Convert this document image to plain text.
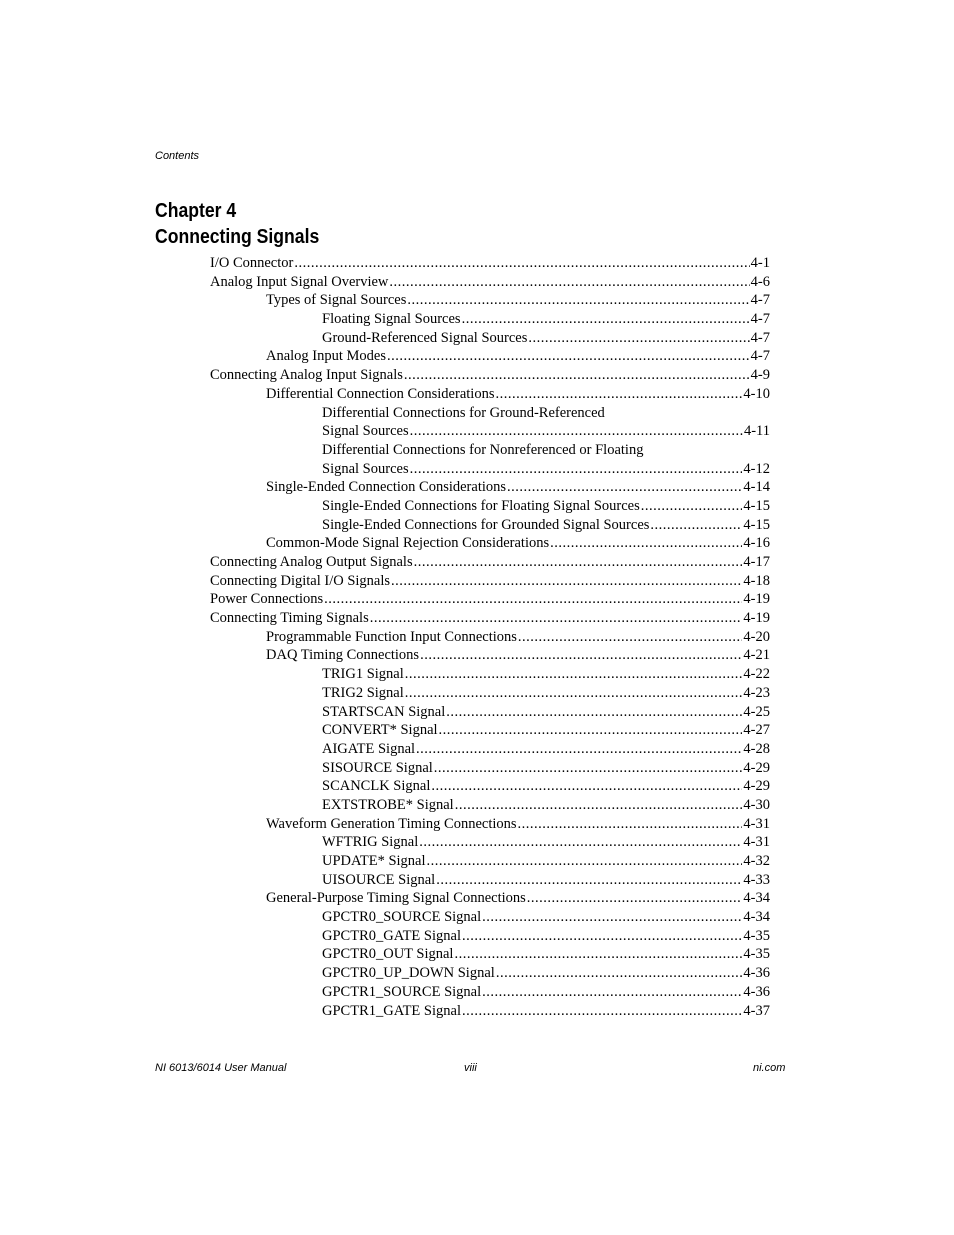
Contents
Chapter 4
Connecting Signals
I/O Connector .....	4-1
Analog Input Signal Overview .....	4-6
Types of Signal Sources .....	4-7
Floating Signal Sources .....	4-7
Ground-Referenced Signal Sources .....	4-7
Analog Input Modes .....	4-7
Connecting Analog Input Signals .....	4-9
Differential Connection Considerations .....	4-10
Differential Connections for Ground-Referenced
Signal Sources .....	4-11
Differential Connections for Nonreferenced or Floating
Signal Sources .....	4-12
Single-Ended Connection Considerations .....	4-14
Single-Ended Connections for Floating Signal Sources .....	4-15
Single-Ended Connections for Grounded Signal Sources .....	4-15
Common-Mode Signal Rejection Considerations .....	4-16
Connecting Analog Output Signals .....	4-17
Connecting Digital I/O Signals .....	4-18
Power Connections .....	4-19
Connecting Timing Signals .....	4-19
Programmable Function Input Connections .....	4-20
DAQ Timing Connections .....	4-21
TRIG1 Signal .....	4-22
TRIG2 Signal .....	4-23
STARTSCAN Signal .....	4-25
CONVERT* Signal .....	4-27
AIGATE Signal .....	4-28
SISOURCE Signal .....	4-29
SCANCLK Signal .....	4-29
EXTSTROBE* Signal .....	4-30
Waveform Generation Timing Connections .....	4-31
WFTRIG Signal .....	4-31
UPDATE* Signal .....	4-32
UISOURCE Signal .....	4-33
General-Purpose Timing Signal Connections .....	4-34
GPCTR0_SOURCE Signal .....	4-34
GPCTR0_GATE Signal .....	4-35
GPCTR0_OUT Signal .....	4-35
GPCTR0_UP_DOWN Signal .....	4-36
GPCTR1_SOURCE Signal .....	4-36
GPCTR1_GATE Signal .....	4-37
NI 6013/6014 User Manual	viii	ni.com
